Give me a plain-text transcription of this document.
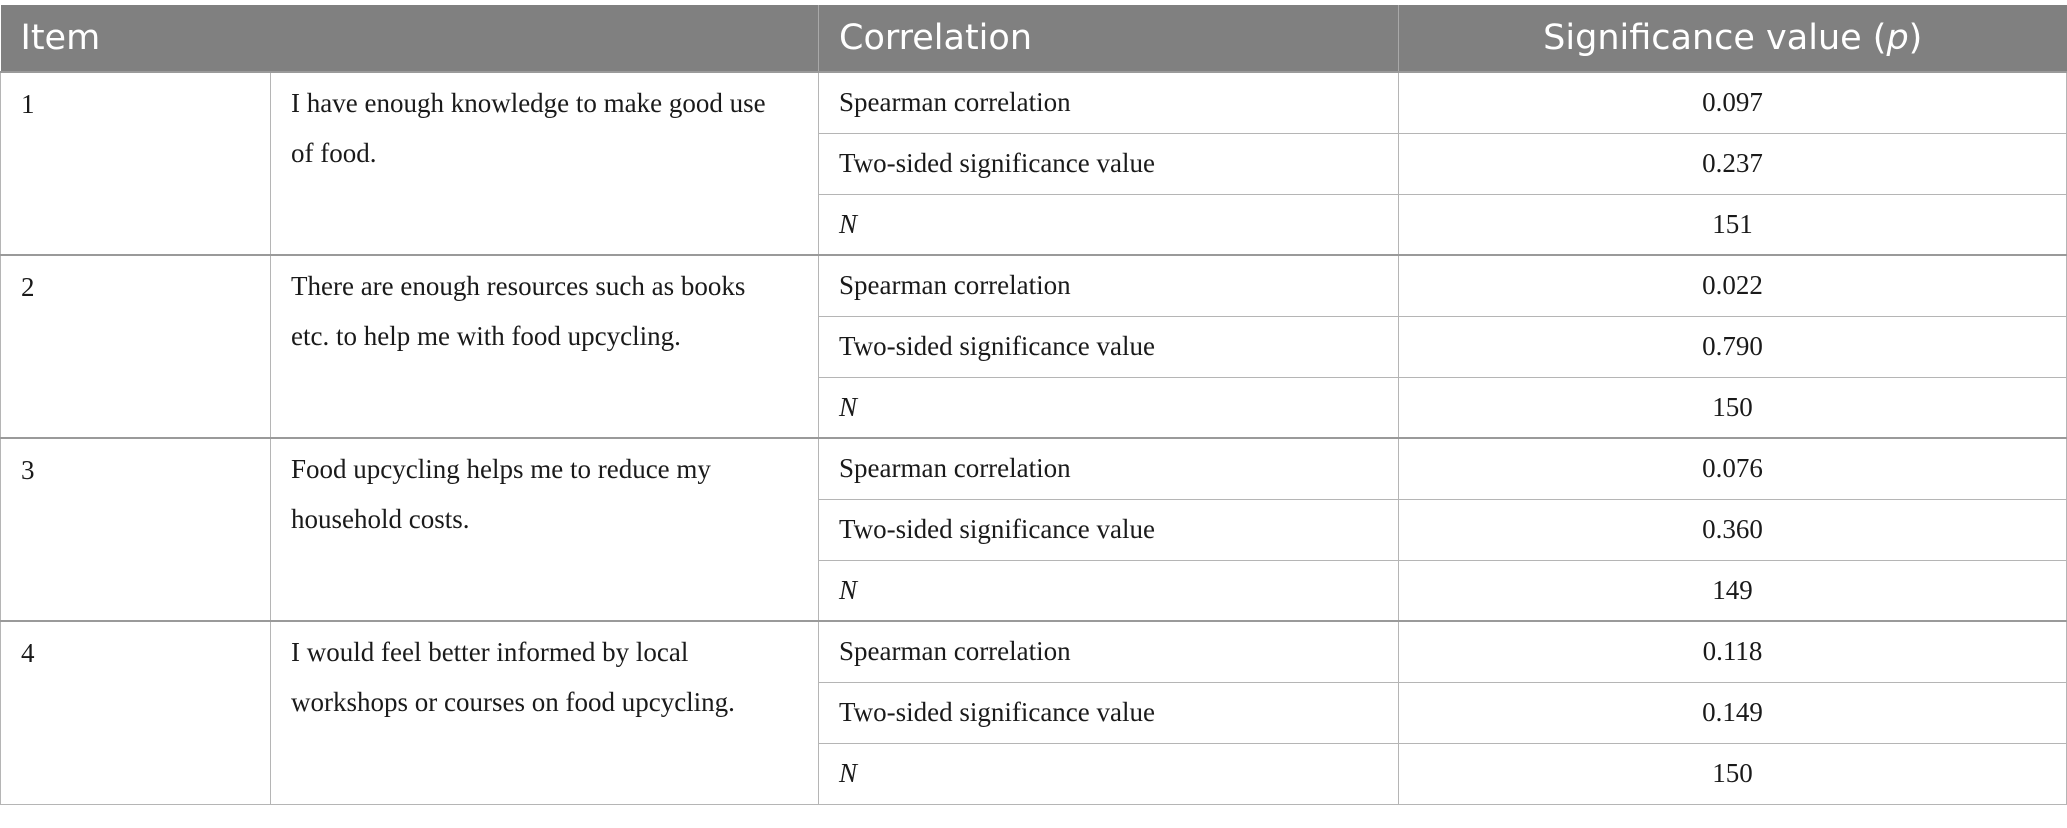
Item		Correlation	Significance value (p)
1	I have enough knowledge to make good use of food.	Spearman correlation	0.097
		Two-sided significance value	0.237
		N	151
2	There are enough resources such as books etc. to help me with food upcycling.	Spearman correlation	0.022
		Two-sided significance value	0.790
		N	150
3	Food upcycling helps me to reduce my household costs.	Spearman correlation	0.076
		Two-sided significance value	0.360
		N	149
4	I would feel better informed by local workshops or courses on food upcycling.	Spearman correlation	0.118
		Two-sided significance value	0.149
		N	150
